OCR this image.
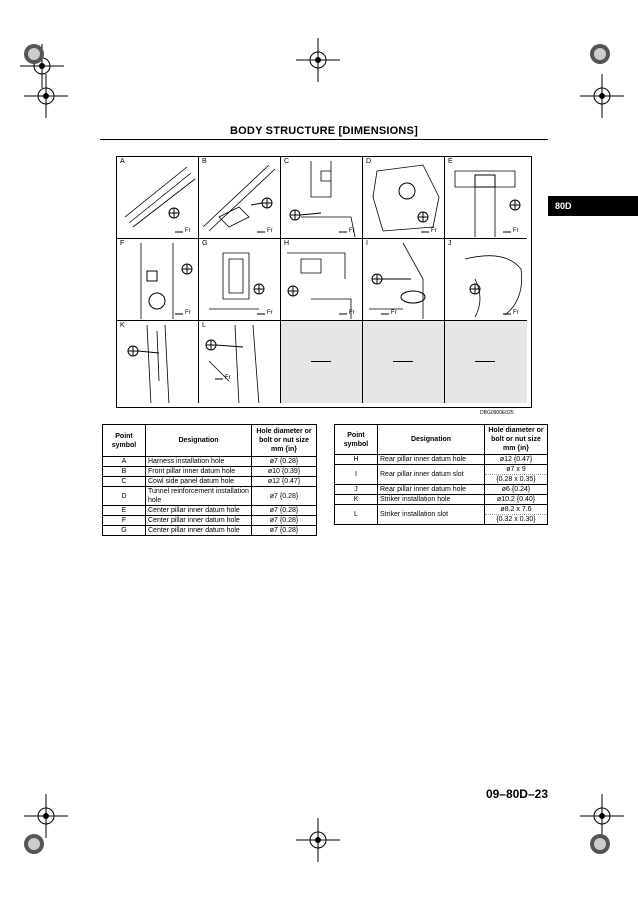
BODY STRUCTURE [DIMENSIONS]
80D
A
Fr
B
Fr
C
Fr
D
Fr
E
Fr
F
Fr
G
Fr
H
Fr
I
Fr
J
Fr
K	L
Fr
DBG0900E025
Point symbol	Designation	Hole diameter or bolt or nut size mm {in}
A	Harness installation hole	ø7 {0.28}
B	Front pillar inner datum hole	ø10 {0.39}
C	Cowl side panel datum hole	ø12 {0.47}
D	Tunnel reinforcement installation hole	ø7 {0.28}
E	Center pillar inner datum hole	ø7 {0.28}
F	Center pillar inner datum hole	ø7 {0.28}
G	Center pillar inner datum hole	ø7 {0.28}
Point symbol	Designation	Hole diameter or bolt or nut size mm {in}
H	Rear pillar inner datum hole	ø12 {0.47}
I	Rear pillar inner datum slot	ø7 x 9
{0.28 x 0.35}

J	Rear pillar inner datum hole	ø6 {0.24}
K	Striker installation hole	ø10.2 {0.40}
L	Striker installation slot	ø8.2 x 7.6
{0.32 x 0.30}
09–80D–23
